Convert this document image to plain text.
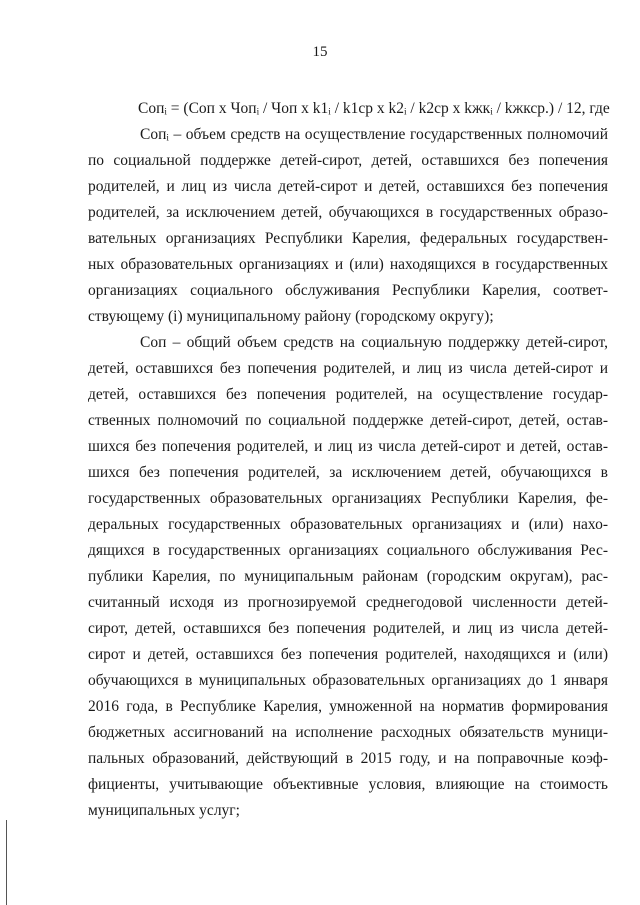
15
Сопᵢ = (Соп х Чопᵢ / Чоп х k1ᵢ / k1ср х k2ᵢ / k2ср х kжкᵢ / kжкср.) / 12, где
Сопᵢ – объем средств на осуществление государственных полномочий
по социальной поддержке детей-сирот, детей, оставшихся без попечения
родителей, и лиц из числа детей-сирот и детей, оставшихся без попечения
родителей, за исключением детей, обучающихся в государственных образо-
вательных организациях Республики Карелия, федеральных государствен-
ных образовательных организациях и (или) находящихся в государственных
организациях социального обслуживания Республики Карелия, соответ-
ствующему (i) муниципальному району (городскому округу);
Соп – общий объем средств на социальную поддержку детей-сирот,
детей, оставшихся без попечения родителей, и лиц из числа детей-сирот и
детей, оставшихся без попечения родителей, на осуществление государ-
ственных полномочий по социальной поддержке детей-сирот, детей, остав-
шихся без попечения родителей, и лиц из числа детей-сирот и детей, остав-
шихся без попечения родителей, за исключением детей, обучающихся в
государственных образовательных организациях Республики Карелия, фе-
деральных государственных образовательных организациях и (или) нахо-
дящихся в государственных организациях социального обслуживания Рес-
публики Карелия, по муниципальным районам (городским округам), рас-
считанный исходя из прогнозируемой среднегодовой численности детей-
сирот, детей, оставшихся без попечения родителей, и лиц из числа детей-
сирот и детей, оставшихся без попечения родителей, находящихся и (или)
обучающихся в муниципальных образовательных организациях до 1 января
2016 года, в Республике Карелия, умноженной на норматив формирования
бюджетных ассигнований на исполнение расходных обязательств муници-
пальных образований, действующий в 2015 году, и на поправочные коэф-
фициенты, учитывающие объективные условия, влияющие на стоимость
муниципальных услуг;
